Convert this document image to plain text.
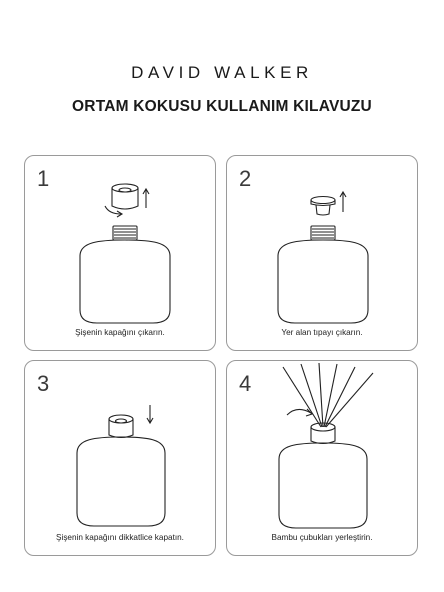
DAVID WALKER
ORTAM KOKUSU KULLANIM KILAVUZU
1
Şişenin kapağını çıkarın.
2
Yer alan tıpayı çıkarın.
3
Şişenin kapağını dikkatlice kapatın.
4
Bambu çubukları yerleştirin.
